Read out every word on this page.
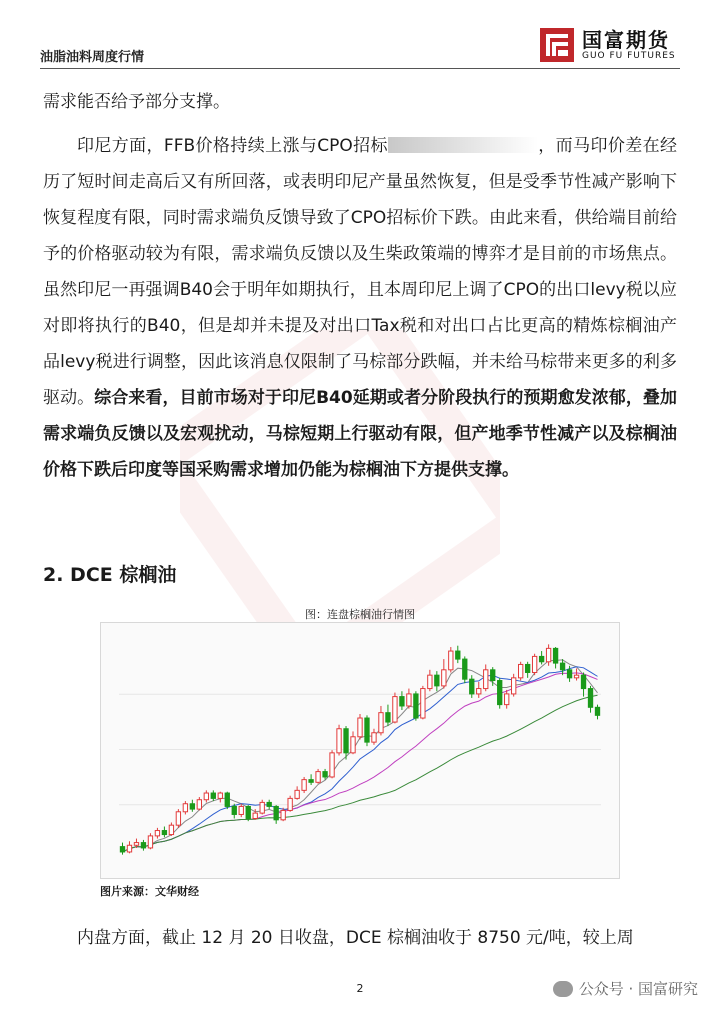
油脂油料周度行情
国富期货
GUO FU FUTURES
需求能否给予部分支撑。
印尼方面，FFB价格持续上涨与CPO招标	，而马印价差在经历了短时间走高后又有所回落，或表明印尼产量虽然恢复，但是受季节性减产影响下恢复程度有限，同时需求端负反馈导致了CPO招标价下跌。由此来看，供给端目前给予的价格驱动较为有限，需求端负反馈以及生柴政策端的博弈才是目前的市场焦点。虽然印尼一再强调B40会于明年如期执行，且本周印尼上调了CPO的出口levy税以应对即将执行的B40，但是却并未提及对出口Tax税和对出口占比更高的精炼棕榈油产品levy税进行调整，因此该消息仅限制了马棕部分跌幅，并未给马棕带来更多的利多驱动。综合来看，目前市场对于印尼B40延期或者分阶段执行的预期愈发浓郁，叠加需求端负反馈以及宏观扰动，马棕短期上行驱动有限，但产地季节性减产以及棕榈油价格下跌后印度等国采购需求增加仍能为棕榈油下方提供支撑。
2. DCE 棕榈油
图：连盘棕榈油行情图
图片来源：文华财经
内盘方面，截止 12 月 20 日收盘，DCE 棕榈油收于 8750 元/吨，较上周
2	公众号 · 国富研究
